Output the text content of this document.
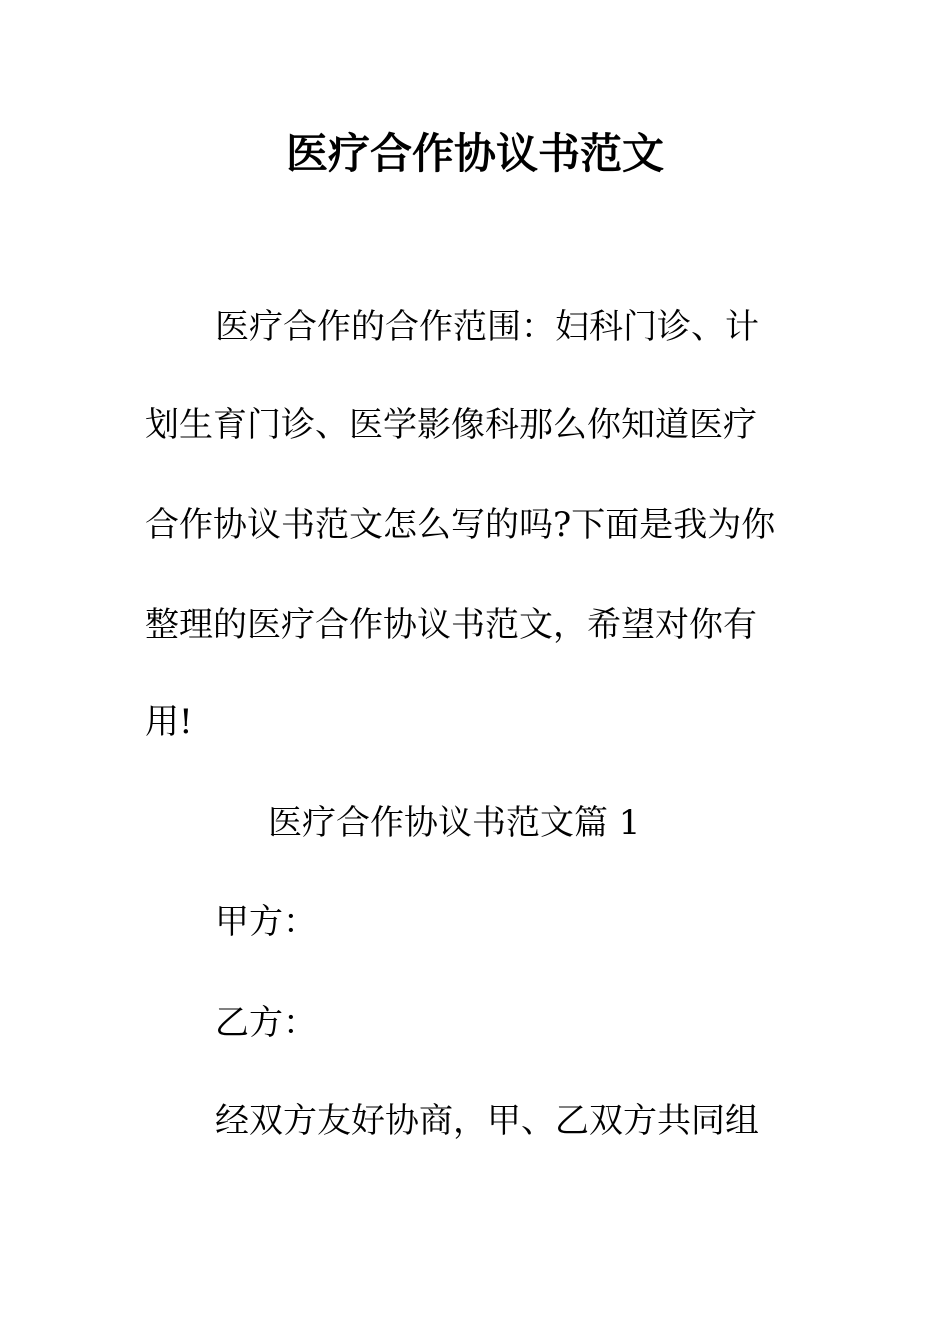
医疗合作协议书范文

医疗合作的合作范围：妇科门诊、计

划生育门诊、医学影像科那么你知道医疗

合作协议书范文怎么写的吗?下面是我为你

整理的医疗合作协议书范文，希望对你有

用!

医疗合作协议书范文篇 1

甲方：

乙方：

经双方友好协商，甲、乙双方共同组
